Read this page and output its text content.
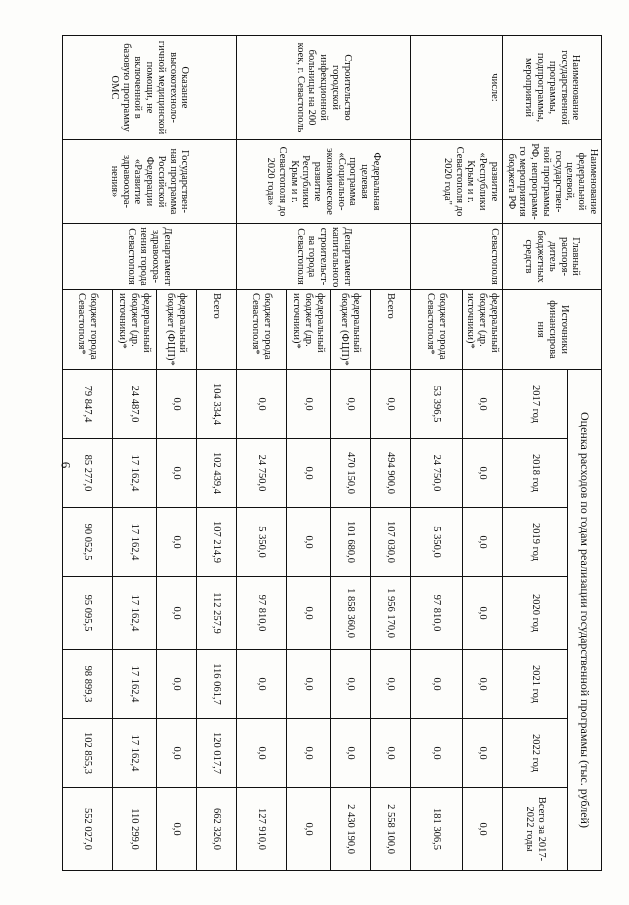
6
Наименование государственной программы, подпрограммы, мероприятий	Наименование федеральной целевой, государствен-ной программы РФ, непрограмм-го мероприятия бюджета РФ	Главный распоря-дитель бюджетных средств	Источники финансирова ния	Оценка расходов по годам реализации государственной программы (тыс. рублей)						
				2017 год	2018 год	2019 год	2020 год	2021 год	2022 год	Всего за 2017-2022 годы
числе:	развитие «Республики Крым и г. Севастополя до 2020 года"	Севастополя	федеральный бюджет (др. источники)*	0,0	0,0	0,0	0,0	0,0	0,0	0,0
			бюджет города Севастополя*	53 396,5	24 750,0	5 350,0	97 810,0	0,0	0,0	181 306,5
Строительство городской инфекционной больницы на 200 коек, г. Севастополь	Федеральная целевая программа «Социально-экономическое развитие Республики Крым и г. Севастополя до 2020 года»	Департамент капитального строительст-ва города Севастополя	Всего	0,0	494 900,0	107 030,0	1 956 170,0	0,0	0,0	2 558 100,0
			федеральный бюджет (ФЦП)*	0,0	470 150,0	101 680,0	1 858 360,0	0,0	0,0	2 430 190,0
			федеральный бюджет (др. источники)*	0,0	0,0	0,0	0,0	0,0	0,0	0,0
			бюджет города Севастополя*	0,0	24 750,0	5 350,0	97 810,0	0,0	0,0	127 910,0
Оказание высокотехноло-гичной медицинской помощи, не включенной в базовую программу ОМС	Государствен-ная программа Российской Федерации «Развитие здравоохра-нения»	Департамент здравоохра-нения города Севастополя	Всего	104 334,4	102 439,4	107 214,9	112 257,9	116 061,7	120 017,7	662 326,0
			федеральный бюджет (ФЦП)*	0,0	0,0	0,0	0,0	0,0	0,0	0,0
			федеральный бюджет (др. источники)*	24 487,0	17 162,4	17 162,4	17 162,4	17 162,4	17 162,4	110 299,0
			бюджет города Севастополя*	79 847,4	85 277,0	90 052,5	95 095,5	98 899,3	102 855,3	552 027,0
